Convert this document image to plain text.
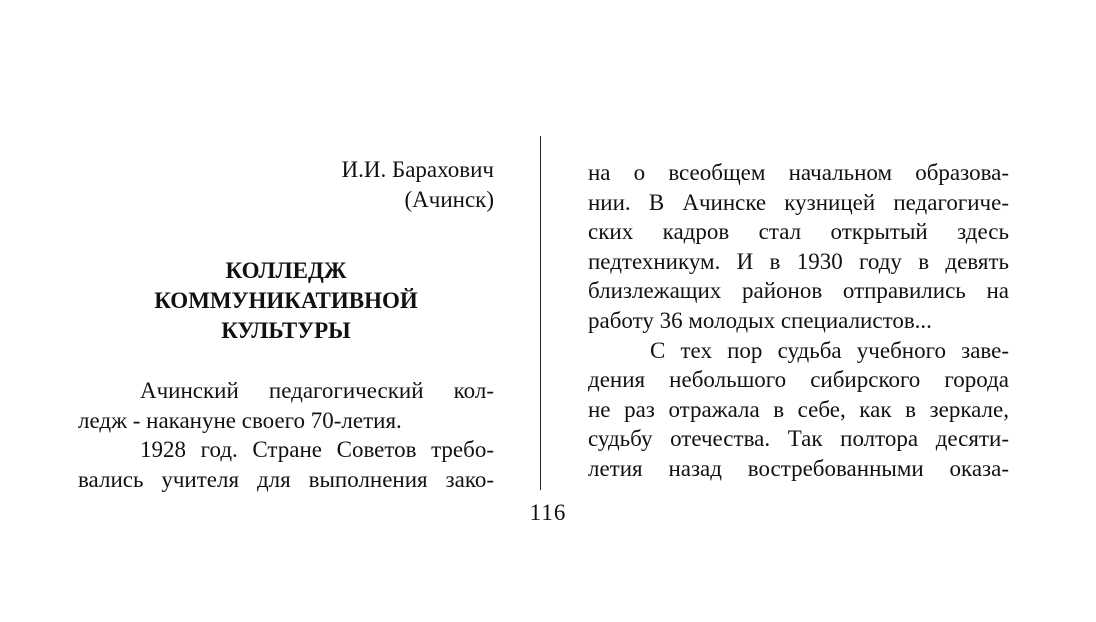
И.И. Барахович
(Ачинск)
КОЛЛЕДЖ
КОММУНИКАТИВНОЙ
КУЛЬТУРЫ
Ачинский педагогический кол-
ледж - накануне своего 70-летия.
1928 год. Стране Советов требо-
вались учителя для выполнения зако-
на о всеобщем начальном образова-
нии. В Ачинске кузницей педагогиче-
ских кадров стал открытый здесь
педтехникум. И в 1930 году в девять
близлежащих районов отправились на
работу 36 молодых специалистов...
С тех пор судьба учебного заве-
дения небольшого сибирского города
не раз отражала в себе, как в зеркале,
судьбу отечества. Так полтора десяти-
летия назад востребованными оказа-
116
